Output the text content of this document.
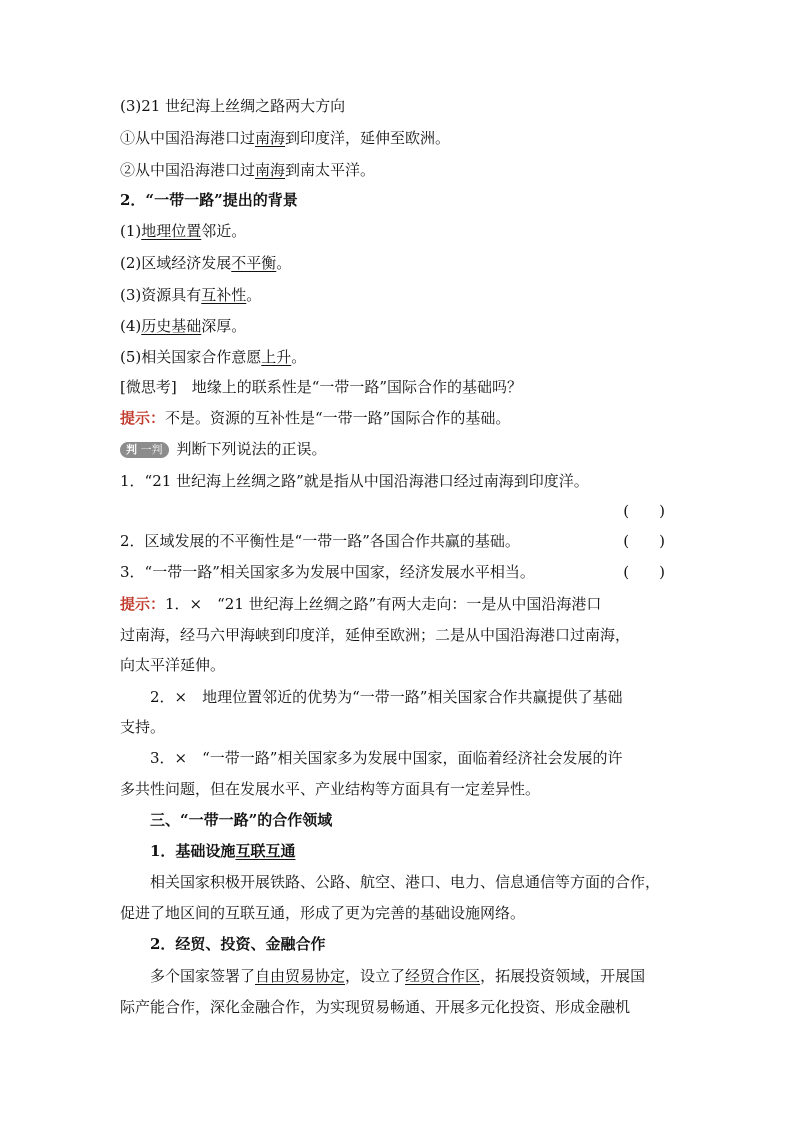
(3)21 世纪海上丝绸之路两大方向
①从中国沿海港口过南海到印度洋，延伸至欧洲。
②从中国沿海港口过南海到南太平洋。
2．“一带一路”提出的背景
(1)地理位置邻近。
(2)区域经济发展不平衡。
(3)资源具有互补性。
(4)历史基础深厚。
(5)相关国家合作意愿上升。
[微思考]　地缘上的联系性是“一带一路”国际合作的基础吗？
提示：不是。资源的互补性是“一带一路”国际合作的基础。
判 一判 判断下列说法的正误。
1．“21 世纪海上丝绸之路”就是指从中国沿海港口经过南海到印度洋。
(　　)
2．区域发展的不平衡性是“一带一路”各国合作共赢的基础。	(　　)
3．“一带一路”相关国家多为发展中国家，经济发展水平相当。	(　　)
提示：1．×　“21 世纪海上丝绸之路”有两大走向：一是从中国沿海港口
过南海，经马六甲海峡到印度洋，延伸至欧洲；二是从中国沿海港口过南海，
向太平洋延伸。
2．×　地理位置邻近的优势为“一带一路”相关国家合作共赢提供了基础
支持。
3．×　“一带一路”相关国家多为发展中国家，面临着经济社会发展的许
多共性问题，但在发展水平、产业结构等方面具有一定差异性。
三、“一带一路”的合作领域
1．基础设施互联互通
相关国家积极开展铁路、公路、航空、港口、电力、信息通信等方面的合作，
促进了地区间的互联互通，形成了更为完善的基础设施网络。
2．经贸、投资、金融合作
多个国家签署了自由贸易协定，设立了经贸合作区，拓展投资领域，开展国
际产能合作，深化金融合作，为实现贸易畅通、开展多元化投资、形成金融机
